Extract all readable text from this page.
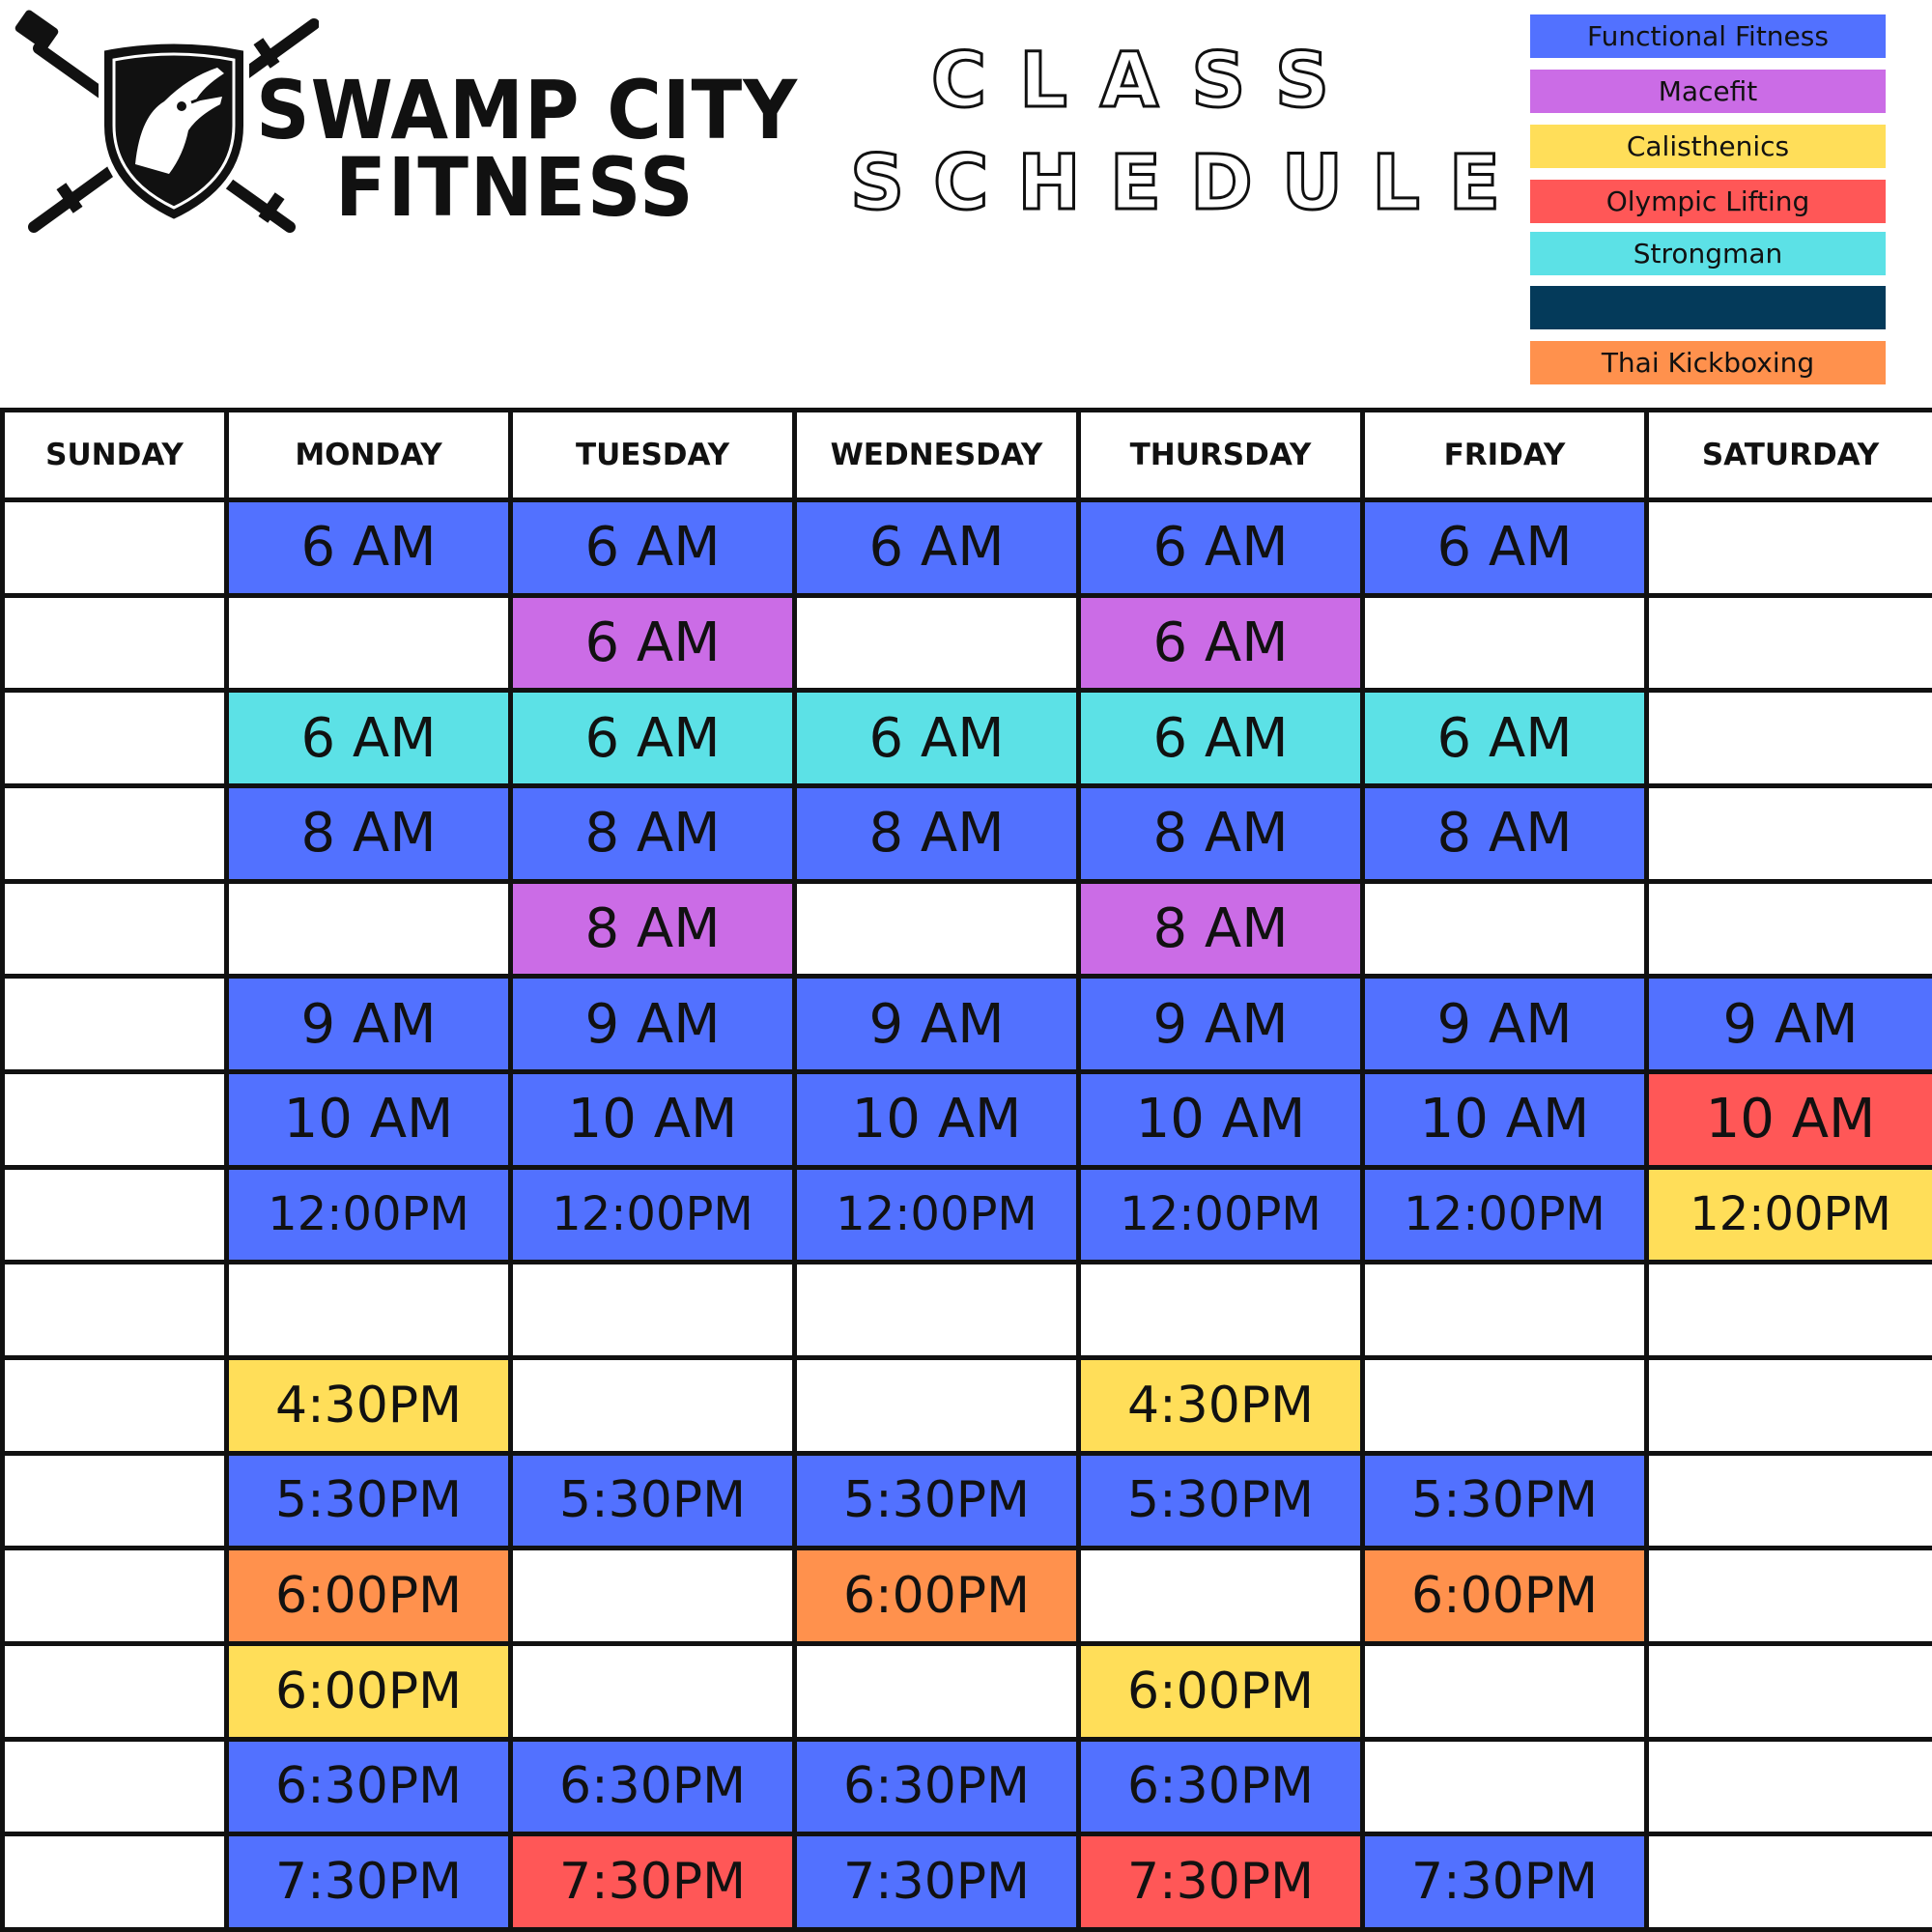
SWAMP CITY
FITNESS
CLASS
SCHEDULE
Functional Fitness
Macefit
Calisthenics
Olympic Lifting
Strongman
Thai Kickboxing
SUNDAY	MONDAY	TUESDAY	WEDNESDAY	THURSDAY	FRIDAY	SATURDAY
	6 AM	6 AM	6 AM	6 AM	6 AM	
		6 AM		6 AM		
	6 AM	6 AM	6 AM	6 AM	6 AM	
	8 AM	8 AM	8 AM	8 AM	8 AM	
		8 AM		8 AM		
	9 AM	9 AM	9 AM	9 AM	9 AM	9 AM
	10 AM	10 AM	10 AM	10 AM	10 AM	10 AM
	12:00PM	12:00PM	12:00PM	12:00PM	12:00PM	12:00PM

	4:30PM			4:30PM		
	5:30PM	5:30PM	5:30PM	5:30PM	5:30PM	
	6:00PM		6:00PM		6:00PM	
	6:00PM			6:00PM		
	6:30PM	6:30PM	6:30PM	6:30PM		
	7:30PM	7:30PM	7:30PM	7:30PM	7:30PM	
